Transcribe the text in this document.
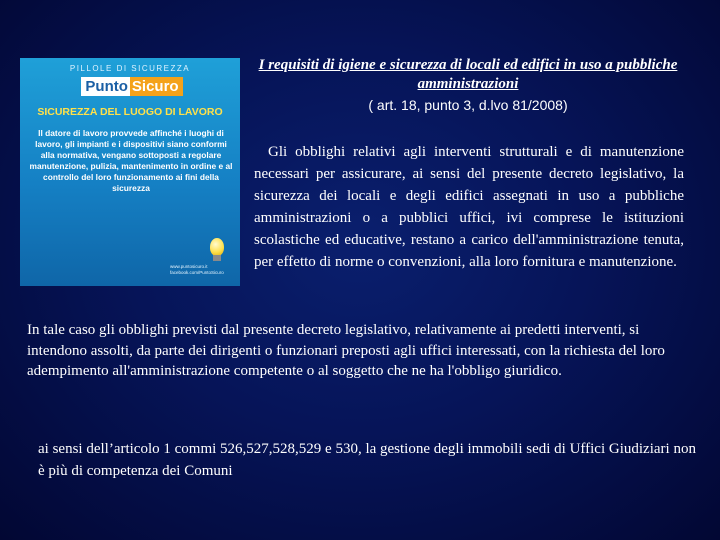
PILLOLE DI SICUREZZA
Punto Sicuro
SICUREZZA DEL LUOGO DI LAVORO
Il datore di lavoro provvede affinché i luoghi di lavoro, gli impianti e i dispositivi siano conformi alla normativa, vengano sottoposti a regolare manutenzione, pulizia, mantenimento in ordine e al controllo del loro funzionamento ai fini della sicurezza
www.puntosicuro.it
facebook.com/PuntoSicuro
I requisiti di igiene e sicurezza di locali ed edifici in uso a pubbliche amministrazioni
( art. 18, punto 3, d.lvo 81/2008)
Gli obblighi relativi agli interventi strutturali e di manutenzione necessari per assicurare, ai sensi del presente decreto legislativo, la sicurezza dei locali e degli edifici assegnati in uso a pubbliche amministrazioni o a pubblici uffici, ivi comprese le istituzioni scolastiche ed educative, restano a carico dell'amministrazione tenuta, per effetto di norme o convenzioni, alla loro fornitura e manutenzione.
In tale caso gli obblighi previsti dal presente decreto legislativo, relativamente ai predetti interventi, si intendono assolti, da parte dei dirigenti o funzionari preposti agli uffici interessati, con la richiesta del loro adempimento all'amministrazione competente o al soggetto che ne ha l'obbligo giuridico.
ai sensi dell’articolo 1 commi 526,527,528,529 e 530, la gestione degli immobili sedi di Uffici Giudiziari non è più di competenza dei Comuni
